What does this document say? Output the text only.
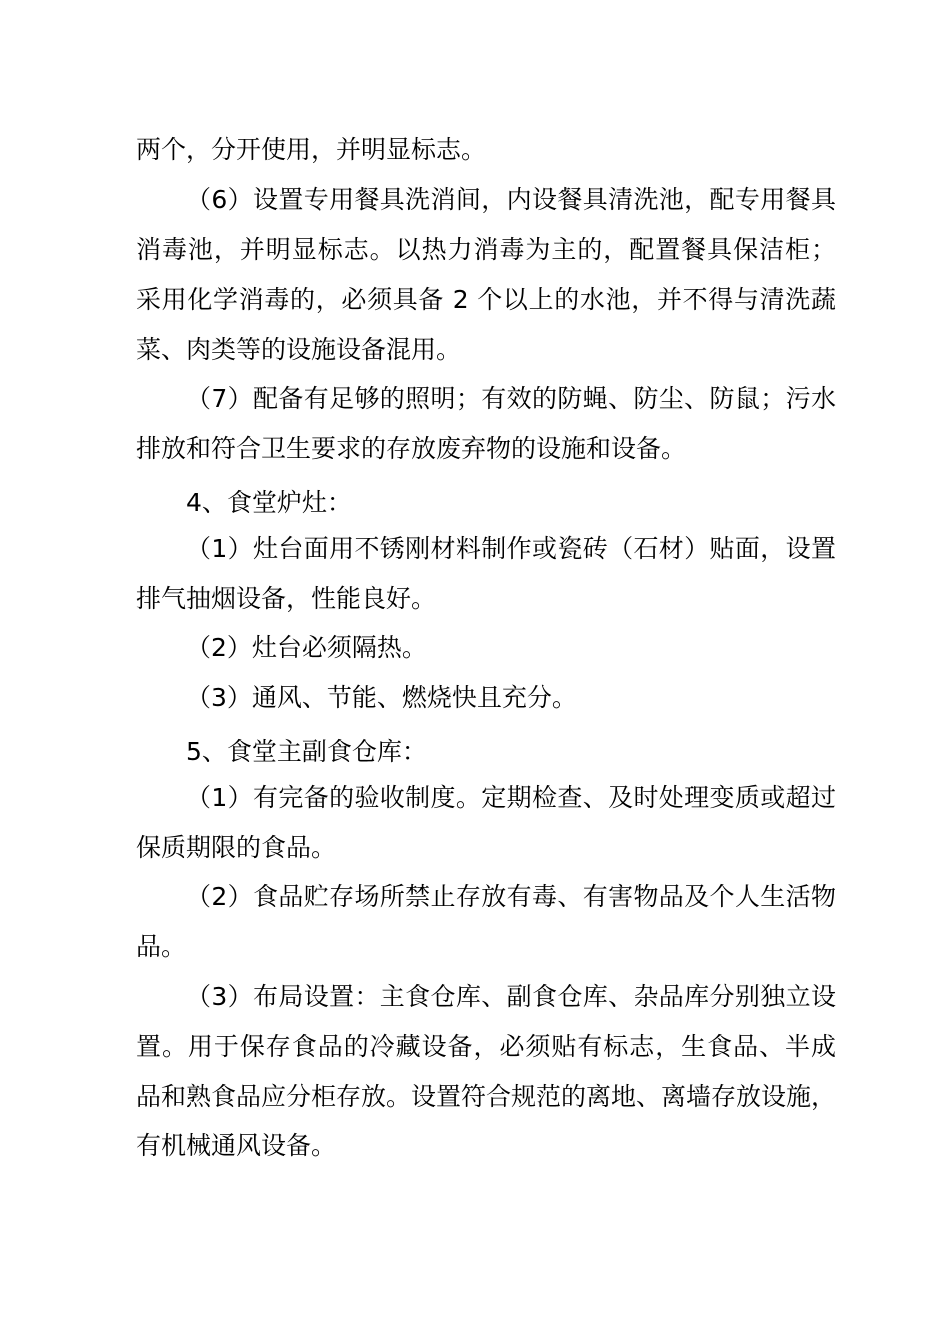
两个，分开使用，并明显标志。
（6）设置专用餐具洗消间，内设餐具清洗池，配专用餐具
消毒池，并明显标志。以热力消毒为主的，配置餐具保洁柜；
采用化学消毒的，必须具备 2 个以上的水池，并不得与清洗蔬
菜、肉类等的设施设备混用。
（7）配备有足够的照明；有效的防蝇、防尘、防鼠；污水
排放和符合卫生要求的存放废弃物的设施和设备。
4、食堂炉灶：
（1）灶台面用不锈刚材料制作或瓷砖（石材）贴面，设置
排气抽烟设备，性能良好。
（2）灶台必须隔热。
（3）通风、节能、燃烧快且充分。
5、食堂主副食仓库：
（1）有完备的验收制度。定期检查、及时处理变质或超过
保质期限的食品。
（2）食品贮存场所禁止存放有毒、有害物品及个人生活物
品。
（3）布局设置：主食仓库、副食仓库、杂品库分别独立设
置。用于保存食品的冷藏设备，必须贴有标志，生食品、半成
品和熟食品应分柜存放。设置符合规范的离地、离墙存放设施，
有机械通风设备。
